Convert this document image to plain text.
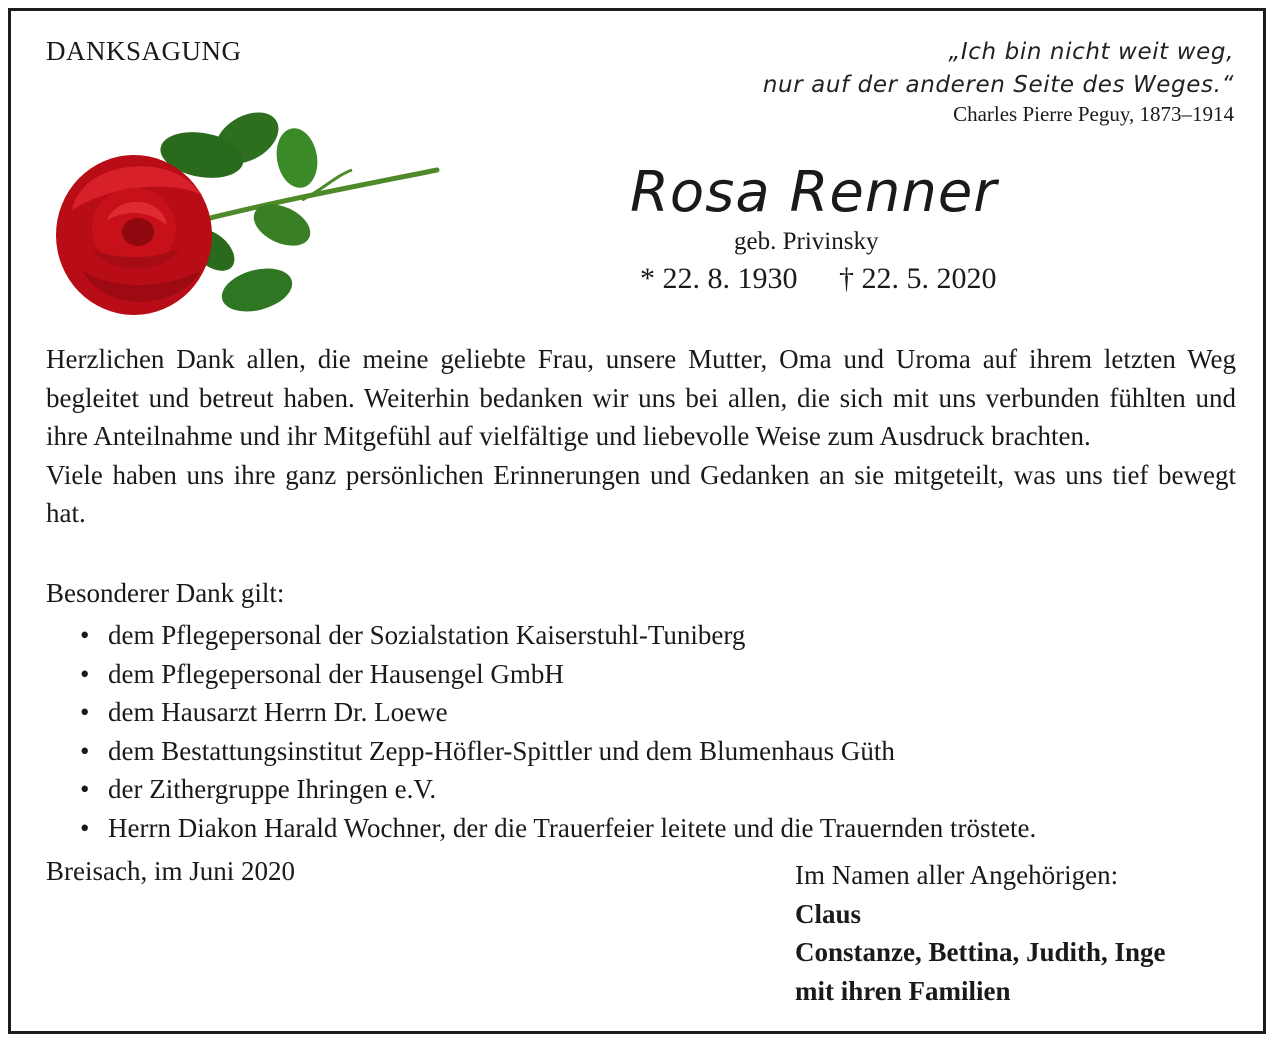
DANKSAGUNG	„Ich bin nicht weit weg,
nur auf der anderen Seite des Weges.“
Charles Pierre Peguy, 1873–1914
Rosa Renner
geb. Privinsky
* 22. 8. 1930 † 22. 5. 2020

Herzlichen Dank allen, die meine geliebte Frau, unsere Mutter, Oma und Uroma auf ihrem letzten Weg begleitet und betreut haben. Weiterhin bedanken wir uns bei allen, die sich mit uns verbunden fühlten und ihre Anteilnahme und ihr Mitgefühl auf vielfältige und liebevolle Weise zum Ausdruck brachten.

Viele haben uns ihre ganz persönlichen Erinnerungen und Gedanken an sie mitgeteilt, was uns tief bewegt hat.

Besonderer Dank gilt:
• dem Pflegepersonal der Sozialstation Kaiserstuhl-Tuniberg
• dem Pflegepersonal der Hausengel GmbH
• dem Hausarzt Herrn Dr. Loewe
• dem Bestattungsinstitut Zepp-Höfler-Spittler und dem Blumenhaus Güth
• der Zithergruppe Ihringen e.V.
• Herrn Diakon Harald Wochner, der die Trauerfeier leitete und die Trauernden tröstete.
Breisach, im Juni 2020	Im Namen aller Angehörigen:
Claus
Constanze, Bettina, Judith, Inge
mit ihren Familien
